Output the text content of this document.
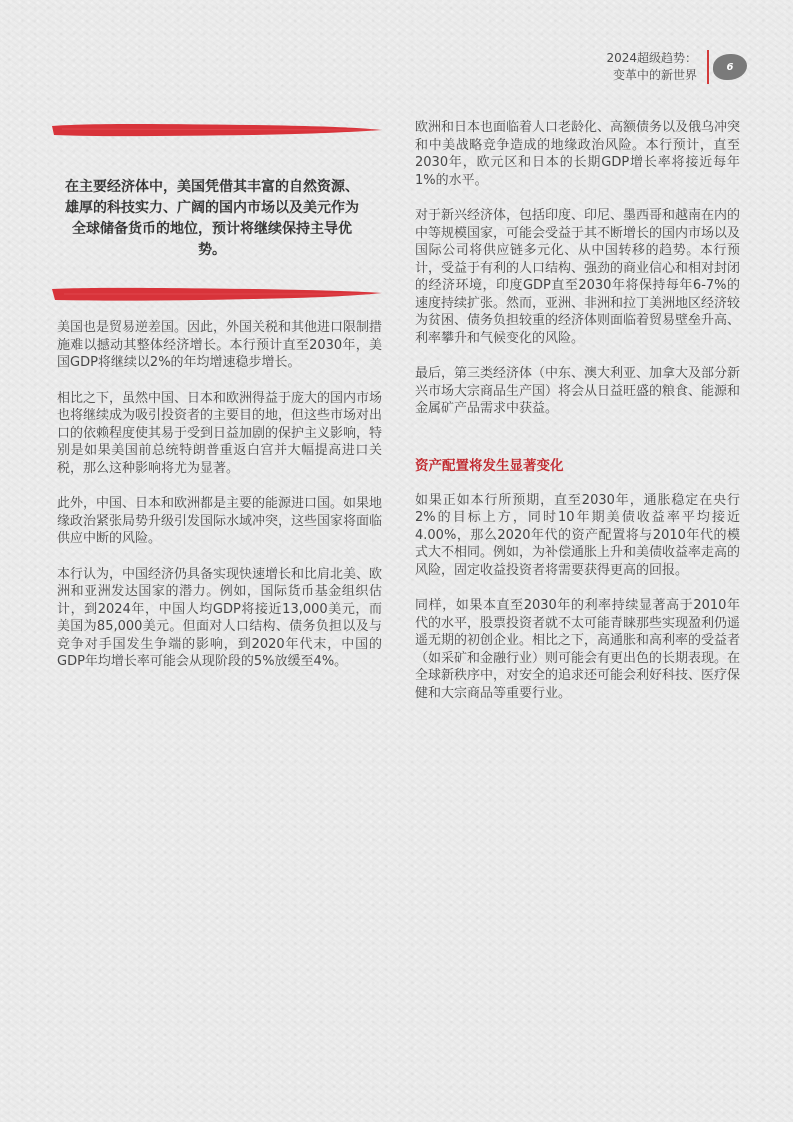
2024超级趋势：
变革中的新世界
6
在主要经济体中，美国凭借其丰富的自然资源、雄厚的科技实力、广阔的国内市场以及美元作为全球储备货币的地位，预计将继续保持主导优势。

美国也是贸易逆差国。因此，外国关税和其他进口限制措施难以撼动其整体经济增长。本行预计直至2030年，美国GDP将继续以2%的年均增速稳步增长。

相比之下，虽然中国、日本和欧洲得益于庞大的国内市场也将继续成为吸引投资者的主要目的地，但这些市场对出口的依赖程度使其易于受到日益加剧的保护主义影响，特别是如果美国前总统特朗普重返白宫并大幅提高进口关税，那么这种影响将尤为显著。

此外，中国、日本和欧洲都是主要的能源进口国。如果地缘政治紧张局势升级引发国际水域冲突，这些国家将面临供应中断的风险。

本行认为，中国经济仍具备实现快速增长和比肩北美、欧洲和亚洲发达国家的潜力。例如，国际货币基金组织估计，到2024年，中国人均GDP将接近13,000美元，而美国为85,000美元。但面对人口结构、债务负担以及与竞争对手国发生争端的影响，到2020年代末，中国的GDP年均增长率可能会从现阶段的5%放缓至4%。

欧洲和日本也面临着人口老龄化、高额债务以及俄乌冲突和中美战略竞争造成的地缘政治风险。本行预计，直至2030年，欧元区和日本的长期GDP增长率将接近每年1%的水平。

对于新兴经济体，包括印度、印尼、墨西哥和越南在内的中等规模国家，可能会受益于其不断增长的国内市场以及国际公司将供应链多元化、从中国转移的趋势。本行预计，受益于有利的人口结构、强劲的商业信心和相对封闭的经济环境，印度GDP直至2030年将保持每年6-7%的速度持续扩张。然而，亚洲、非洲和拉丁美洲地区经济较为贫困、债务负担较重的经济体则面临着贸易壁垒升高、利率攀升和气候变化的风险。

最后，第三类经济体（中东、澳大利亚、加拿大及部分新兴市场大宗商品生产国）将会从日益旺盛的粮食、能源和金属矿产品需求中获益。

资产配置将发生显著变化

如果正如本行所预期，直至2030年，通胀稳定在央行2%的目标上方，同时10年期美债收益率平均接近4.00%，那么2020年代的资产配置将与2010年代的模式大不相同。例如，为补偿通胀上升和美债收益率走高的风险，固定收益投资者将需要获得更高的回报。

同样，如果本直至2030年的利率持续显著高于2010年代的水平，股票投资者就不太可能青睐那些实现盈利仍遥遥无期的初创企业。相比之下，高通胀和高利率的受益者（如采矿和金融行业）则可能会有更出色的长期表现。在全球新秩序中，对安全的追求还可能会利好科技、医疗保健和大宗商品等重要行业。
